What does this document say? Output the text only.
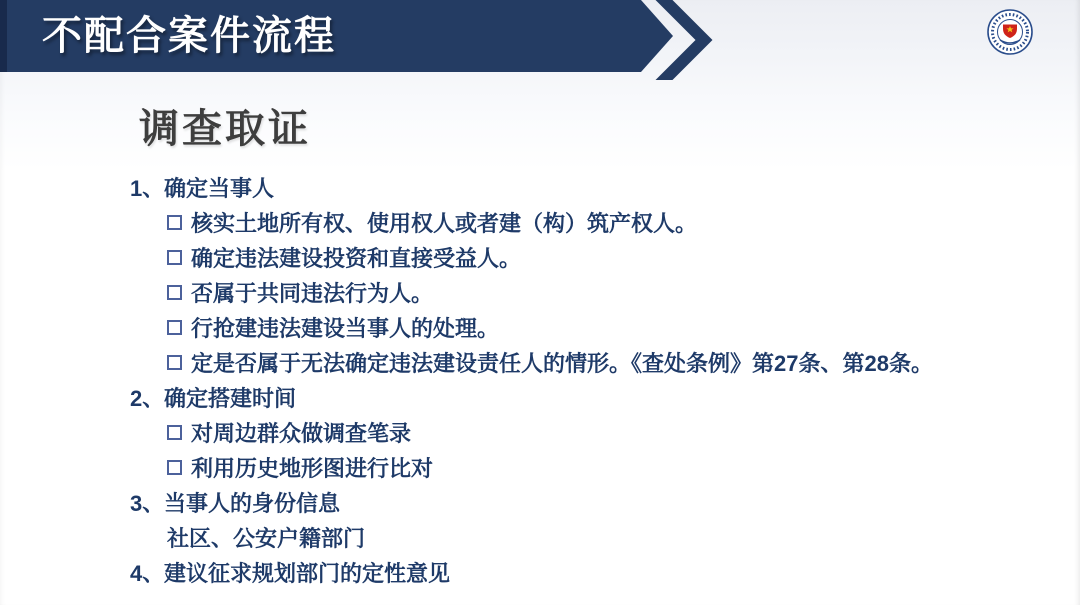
不配合案件流程
调查取证
1、 确定当事人
核实土地所有权、使用权人或者建（构）筑产权人。
确定违法建设投资和直接受益人。
否属于共同违法行为人。
行抢建违法建设当事人的处理。
定是否属于无法确定违法建设责任人的情形。《查处条例》第27条、第28条。
2、 确定搭建时间
对周边群众做调查笔录
利用历史地形图进行比对
3、 当事人的身份信息
社区、公安户籍部门
4、 建议征求规划部门的定性意见
